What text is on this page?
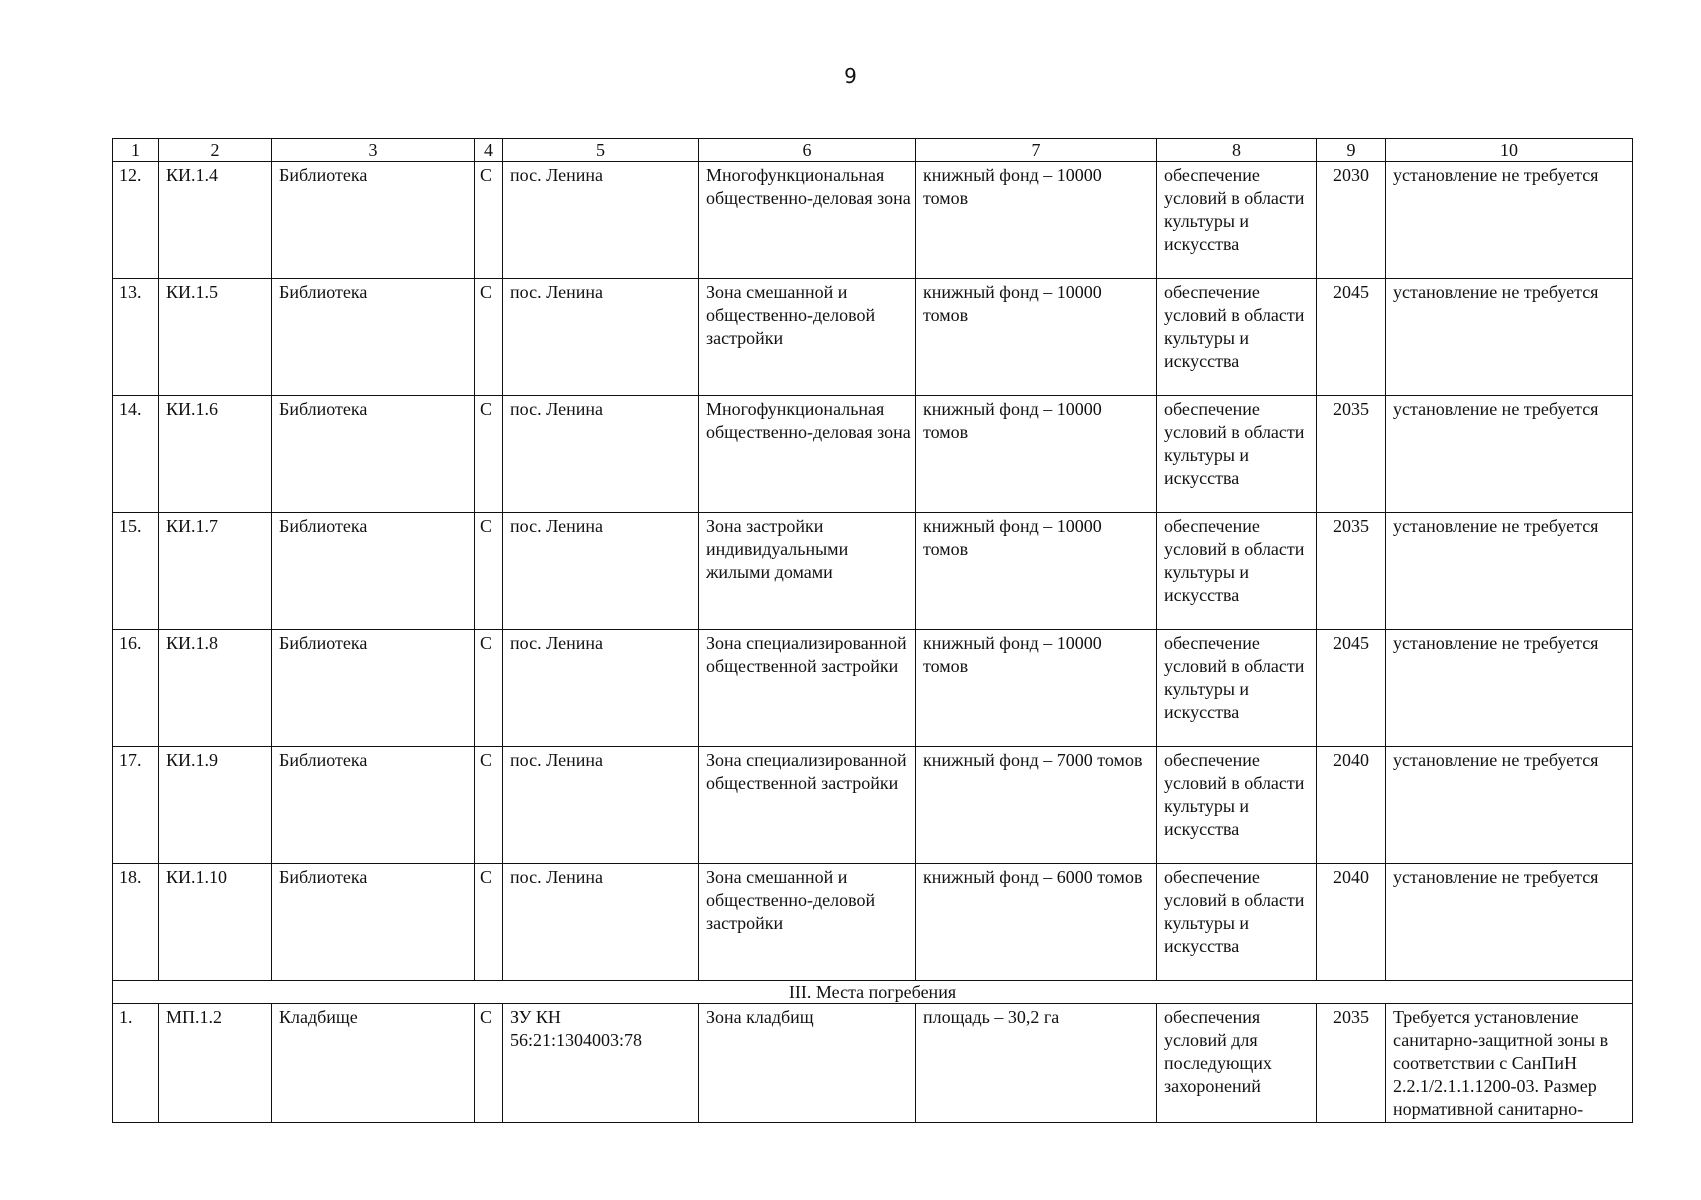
9
1	2	3	4	5	6	7	8	9	10
12.	КИ.1.4	Библиотека	С	пос. Ленина	Многофункциональная общественно-деловая зона	книжный фонд – 10000 томов	обеспечение условий в области культуры и искусства	2030	установление не требуется
13.	КИ.1.5	Библиотека	С	пос. Ленина	Зона смешанной и общественно-деловой застройки	книжный фонд – 10000 томов	обеспечение условий в области культуры и искусства	2045	установление не требуется
14.	КИ.1.6	Библиотека	С	пос. Ленина	Многофункциональная общественно-деловая зона	книжный фонд – 10000 томов	обеспечение условий в области культуры и искусства	2035	установление не требуется
15.	КИ.1.7	Библиотека	С	пос. Ленина	Зона застройки индивидуальными жилыми домами	книжный фонд – 10000 томов	обеспечение условий в области культуры и искусства	2035	установление не требуется
16.	КИ.1.8	Библиотека	С	пос. Ленина	Зона специализированной общественной застройки	книжный фонд – 10000 томов	обеспечение условий в области культуры и искусства	2045	установление не требуется
17.	КИ.1.9	Библиотека	С	пос. Ленина	Зона специализированной общественной застройки	книжный фонд – 7000 томов	обеспечение условий в области культуры и искусства	2040	установление не требуется
18.	КИ.1.10	Библиотека	С	пос. Ленина	Зона смешанной и общественно-деловой застройки	книжный фонд – 6000 томов	обеспечение условий в области культуры и искусства	2040	установление не требуется
III. Места погребения									
1.	МП.1.2	Кладбище	С	ЗУ КН 56:21:1304003:78	Зона кладбищ	площадь – 30,2 га	обеспечения условий для последующих захоронений	2035	Требуется установление санитарно-защитной зоны в соответствии с СанПиН 2.2.1/2.1.1.1200-03. Размер нормативной санитарно-
